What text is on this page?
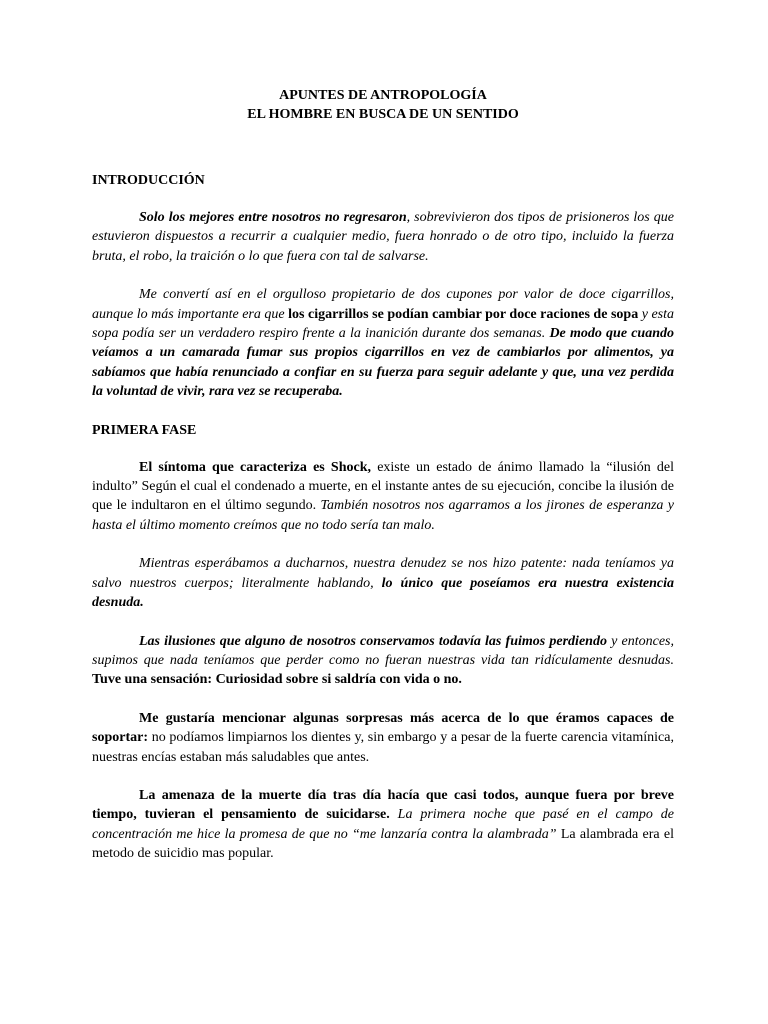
APUNTES DE ANTROPOLOGÍA
EL HOMBRE EN BUSCA DE UN SENTIDO
INTRODUCCIÓN

Solo los mejores entre nosotros no regresaron, sobrevivieron dos tipos de prisioneros los que estuvieron dispuestos a recurrir a cualquier medio, fuera honrado o de otro tipo, incluido la fuerza bruta, el robo, la traición o lo que fuera con tal de salvarse.

Me convertí así en el orgulloso propietario de dos cupones por valor de doce cigarrillos, aunque lo más importante era que los cigarrillos se podían cambiar por doce raciones de sopa y esta sopa podía ser un verdadero respiro frente a la inanición durante dos semanas. De modo que cuando veíamos a un camarada fumar sus propios cigarrillos en vez de cambiarlos por alimentos, ya sabíamos que había renunciado a confiar en su fuerza para seguir adelante y que, una vez perdida la voluntad de vivir, rara vez se recuperaba.

PRIMERA FASE

El síntoma que caracteriza es Shock, existe un estado de ánimo llamado la “ilusión del indulto” Según el cual el condenado a muerte, en el instante antes de su ejecución, concibe la ilusión de que le indultaron en el último segundo. También nosotros nos agarramos a los jirones de esperanza y hasta el último momento creímos que no todo sería tan malo.

Mientras esperábamos a ducharnos, nuestra denudez se nos hizo patente: nada teníamos ya salvo nuestros cuerpos; literalmente hablando, lo único que poseíamos era nuestra existencia desnuda.

Las ilusiones que alguno de nosotros conservamos todavía las fuimos perdiendo y entonces, supimos que nada teníamos que perder como no fueran nuestras vida tan ridículamente desnudas. Tuve una sensación: Curiosidad sobre si saldría con vida o no.

Me gustaría mencionar algunas sorpresas más acerca de lo que éramos capaces de soportar: no podíamos limpiarnos los dientes y, sin embargo y a pesar de la fuerte carencia vitamínica, nuestras encías estaban más saludables que antes.

La amenaza de la muerte día tras día hacía que casi todos, aunque fuera por breve tiempo, tuvieran el pensamiento de suicidarse. La primera noche que pasé en el campo de concentración me hice la promesa de que no “me lanzaría contra la alambrada” La alambrada era el metodo de suicidio mas popular.
